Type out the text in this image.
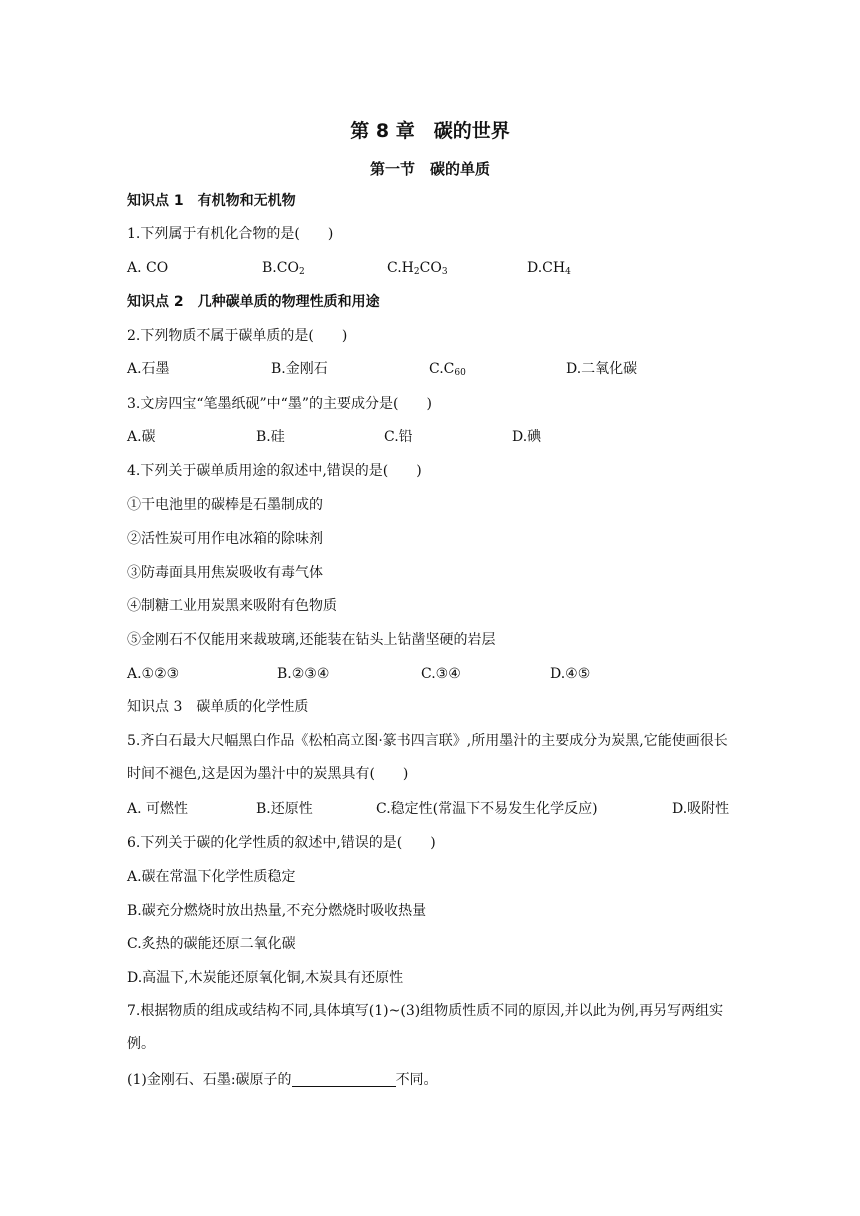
第 8 章　碳的世界
第一节　碳的单质
知识点 1　有机物和无机物
1.下列属于有机化合物的是(　　)
A. CO	$B.CO_2$	$C.H_2CO_3$	$D.CH_4$
知识点 2　几种碳单质的物理性质和用途
2.下列物质不属于碳单质的是(　　)
A.石墨	B.金刚石	$C.C_{60}$	D.二氧化碳
3.文房四宝“笔墨纸砚”中“墨”的主要成分是(　　)
A.碳	B.硅	C.铅	D.碘
4.下列关于碳单质用途的叙述中,错误的是(　　)
①干电池里的碳棒是石墨制成的
②活性炭可用作电冰箱的除味剂
③防毒面具用焦炭吸收有毒气体
④制糖工业用炭黑来吸附有色物质
⑤金刚石不仅能用来裁玻璃,还能装在钻头上钻凿坚硬的岩层
A.①②③	B.②③④	C.③④	D.④⑤
知识点 3　碳单质的化学性质
5.齐白石最大尺幅黑白作品《松柏高立图·篆书四言联》,所用墨汁的主要成分为炭黑,它能使画很长时间不褪色,这是因为墨汁中的炭黑具有(　　)
A. 可燃性	B.还原性	C.稳定性(常温下不易发生化学反应)	D.吸附性
6.下列关于碳的化学性质的叙述中,错误的是(　　)
A.碳在常温下化学性质稳定
B.碳充分燃烧时放出热量,不充分燃烧时吸收热量
C.炙热的碳能还原二氧化碳
D.高温下,木炭能还原氧化铜,木炭具有还原性
7.根据物质的组成或结构不同,具体填写(1)~(3)组物质性质不同的原因,并以此为例,再另写两组实例。
(1)金刚石、石墨:碳原子的	不同。
